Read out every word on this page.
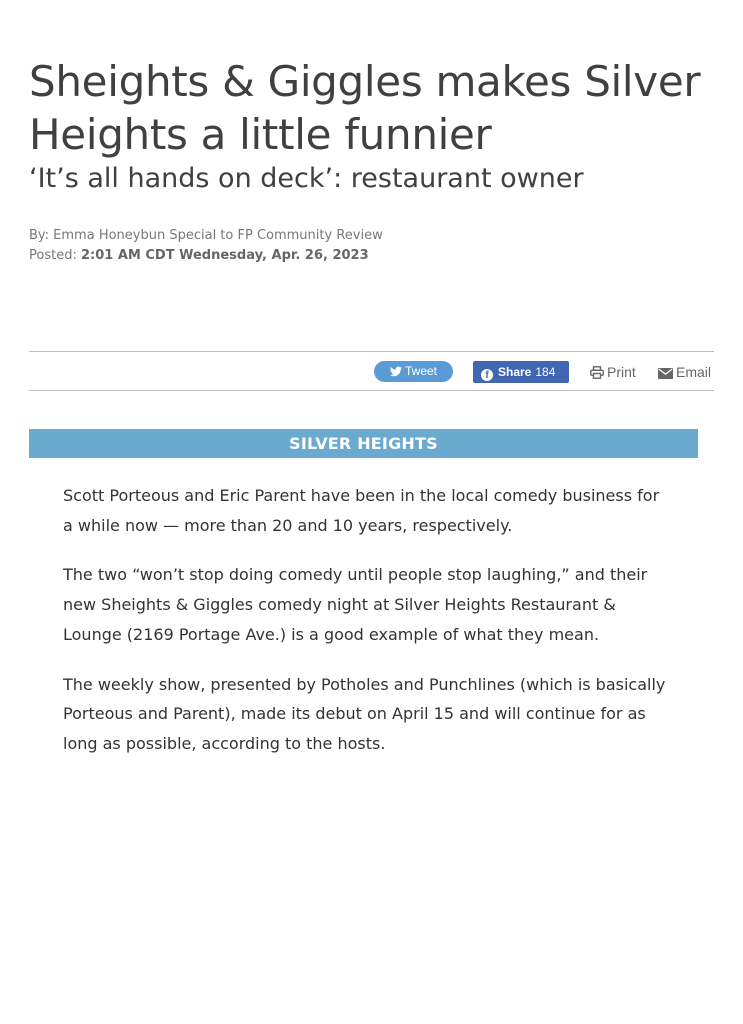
Sheights & Giggles makes Silver Heights a little funnier
‘It’s all hands on deck’: restaurant owner
By: Emma Honeybun Special to FP Community Review
Posted: 2:01 AM CDT Wednesday, Apr. 26, 2023
Tweet	f Share 184	Print	Email
SILVER HEIGHTS

Scott Porteous and Eric Parent have been in the local comedy business for a while now — more than 20 and 10 years, respectively.

The two “won’t stop doing comedy until people stop laughing,” and their new Sheights & Giggles comedy night at Silver Heights Restaurant & Lounge (2169 Portage Ave.) is a good example of what they mean.

The weekly show, presented by Potholes and Punchlines (which is basically Porteous and Parent), made its debut on April 15 and will continue for as long as possible, according to the hosts.
